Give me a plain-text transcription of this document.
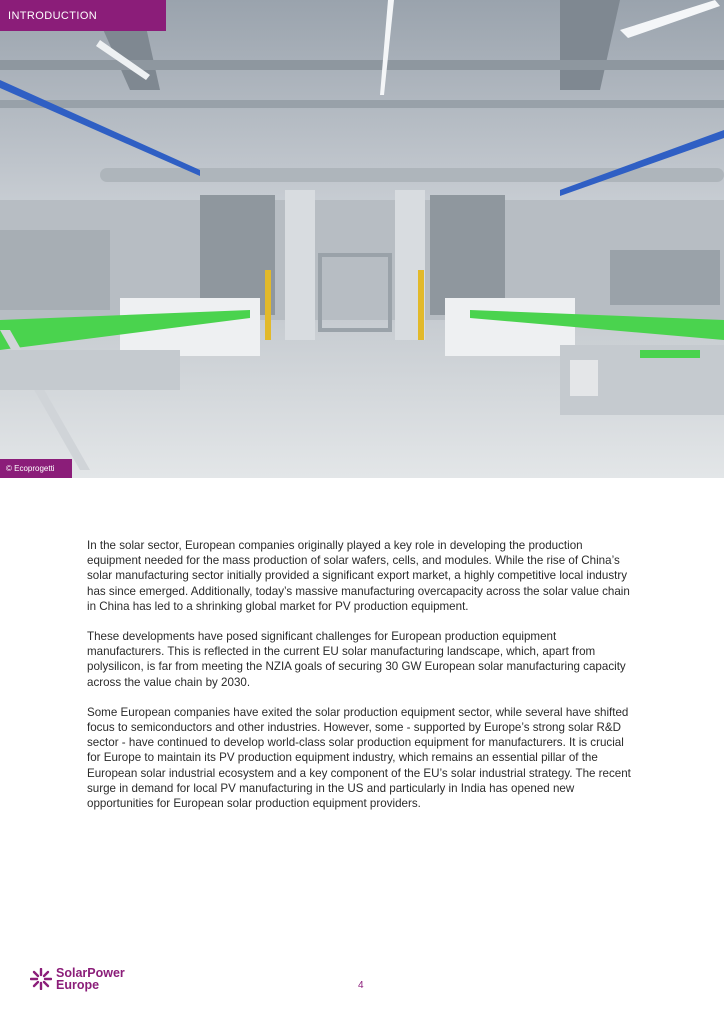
INTRODUCTION
© Ecoprogetti

In the solar sector, European companies originally played a key role in developing the production equipment needed for the mass production of solar wafers, cells, and modules. While the rise of China’s solar manufacturing sector initially provided a significant export market, a highly competitive local industry has since emerged. Additionally, today’s massive manufacturing overcapacity across the solar value chain in China has led to a shrinking global market for PV production equipment.

These developments have posed significant challenges for European production equipment manufacturers. This is reflected in the current EU solar manufacturing landscape, which, apart from polysilicon, is far from meeting the NZIA goals of securing 30 GW European solar manufacturing capacity across the value chain by 2030.

Some European companies have exited the solar production equipment sector, while several have shifted focus to semiconductors and other industries. However, some - supported by Europe’s strong solar R&D sector - have continued to develop world-class solar production equipment for manufacturers. It is crucial for Europe to maintain its PV production equipment industry, which remains an essential pillar of the European solar industrial ecosystem and a key component of the EU’s solar industrial strategy. The recent surge in demand for local PV manufacturing in the US and particularly in India has opened new opportunities for European solar production equipment providers.

SolarPower
Europe	4
